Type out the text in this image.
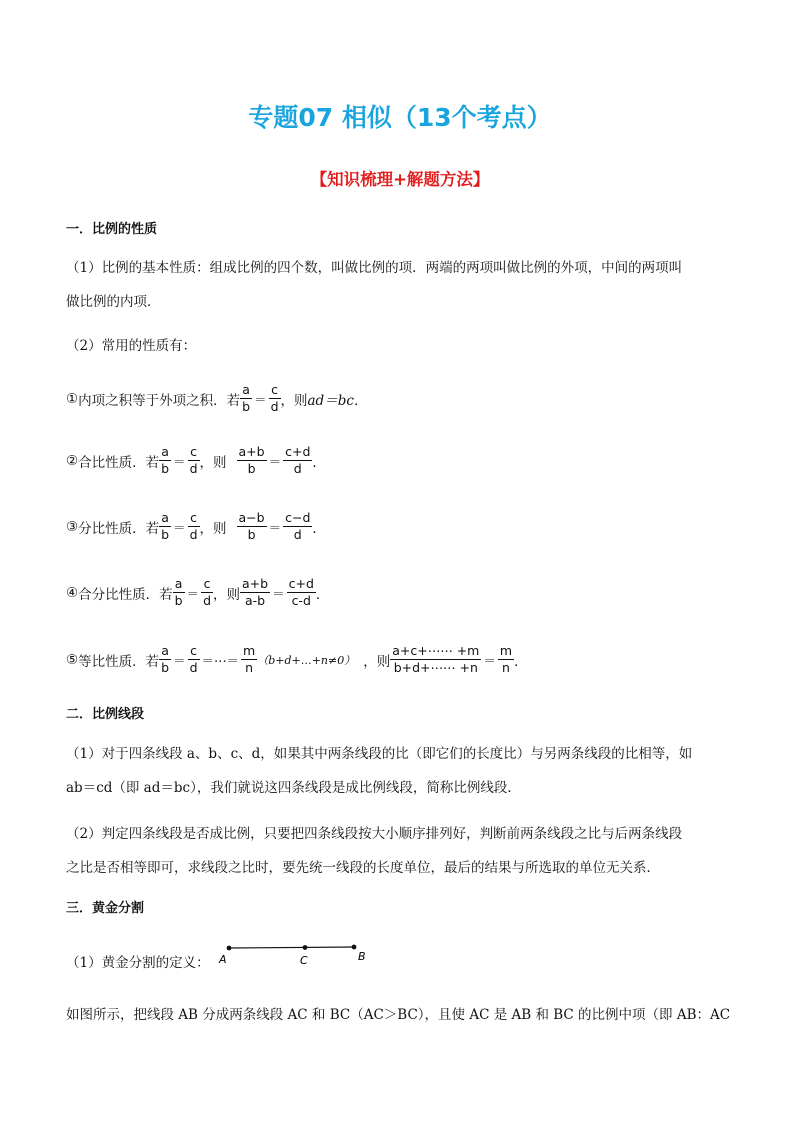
专题07 相似（13个考点）
【知识梳理+解题方法】
一．比例的性质
（1）比例的基本性质：组成比例的四个数，叫做比例的项．两端的两项叫做比例的外项，中间的两项叫
做比例的内项．
（2）常用的性质有：
① 内项之积等于外项之积．若
a
b ＝
c
d ，则 ad＝bc．
② 合比性质．若
a
b ＝
c
d ，则
a+b
b	＝
c+d
d ．
③ 分比性质．若
a
b ＝
c
d ，则
a−b
b	＝
c−d
d ．
④ 合分比性质．若
a
b ＝
c
d ，则
a+b
a-b ＝
c+d
c-d ．
⑤ 等比性质．若
a
b ＝
c
d ＝⋯＝
m
n （b+d+…+n≠0） ，则
a+c+⋯⋯ +m
b+d+⋯⋯ +n ＝
m
n ．
二．比例线段
（1）对于四条线段 a、b、c、d，如果其中两条线段的比（即它们的长度比）与另两条线段的比相等，如
ab＝cd（即 ad＝bc），我们就说这四条线段是成比例线段，简称比例线段．
（2）判定四条线段是否成比例，只要把四条线段按大小顺序排列好，判断前两条线段之比与后两条线段
之比是否相等即可，求线段之比时，要先统一线段的长度单位，最后的结果与所选取的单位无关系．
三．黄金分割
（1）黄金分割的定义： A	C	B
如图所示，把线段 AB 分成两条线段 AC 和 BC（AC＞BC），且使 AC 是 AB 和 BC 的比例中项（即 AB：AC
